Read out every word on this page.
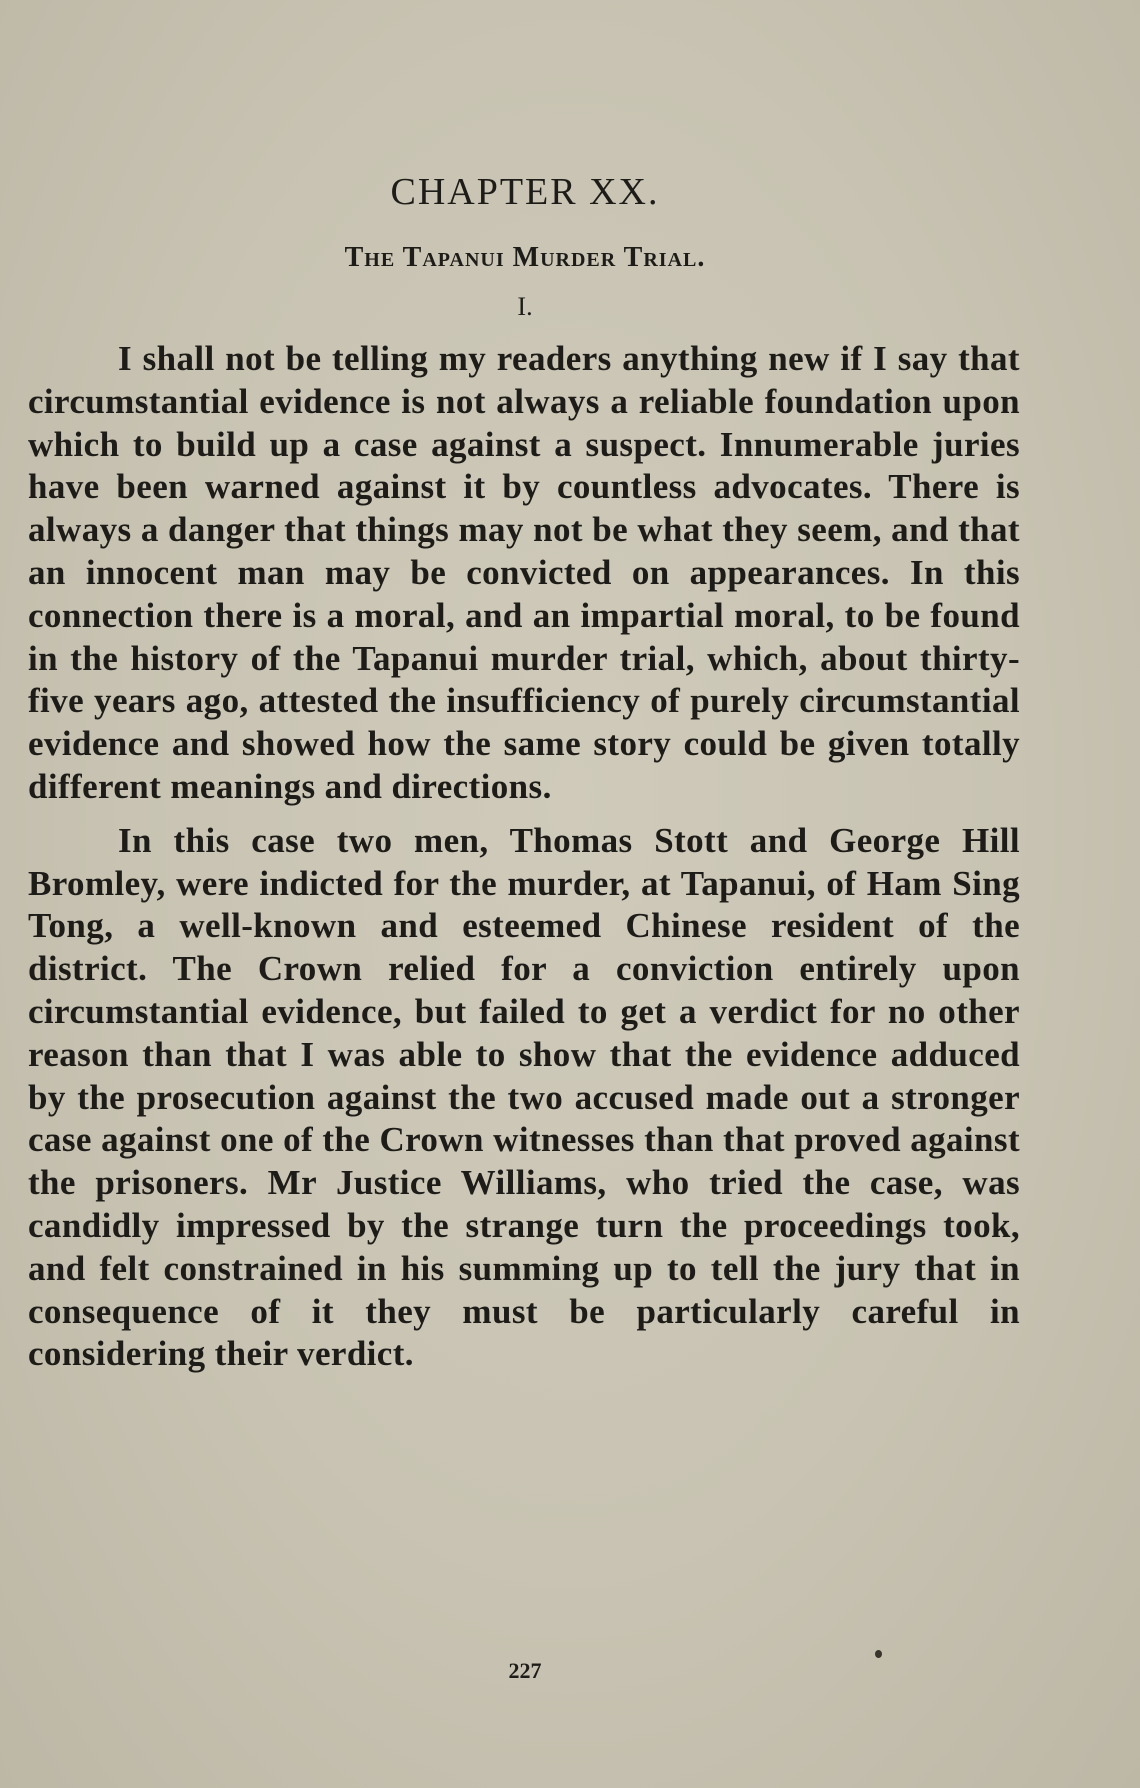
CHAPTER XX.
The Tapanui Murder Trial.
I.

I shall not be telling my readers anything new if I say that circumstantial evidence is not always a reliable foundation upon which to build up a case against a suspect. Innumerable juries have been warned against it by countless advocates. There is always a danger that things may not be what they seem, and that an innocent man may be convicted on appearances. In this connection there is a moral, and an impartial moral, to be found in the history of the Tapanui murder trial, which, about thirty-five years ago, attested the insufficiency of purely circumstantial evidence and showed how the same story could be given totally different meanings and directions.

In this case two men, Thomas Stott and George Hill Bromley, were indicted for the murder, at Tapanui, of Ham Sing Tong, a well-known and esteemed Chinese resident of the district. The Crown relied for a conviction entirely upon circumstantial evidence, but failed to get a verdict for no other reason than that I was able to show that the evidence adduced by the prosecution against the two accused made out a stronger case against one of the Crown witnesses than that proved against the prisoners. Mr Justice Williams, who tried the case, was candidly impressed by the strange turn the proceedings took, and felt constrained in his summing up to tell the jury that in consequence of it they must be particularly careful in considering their verdict.

227
